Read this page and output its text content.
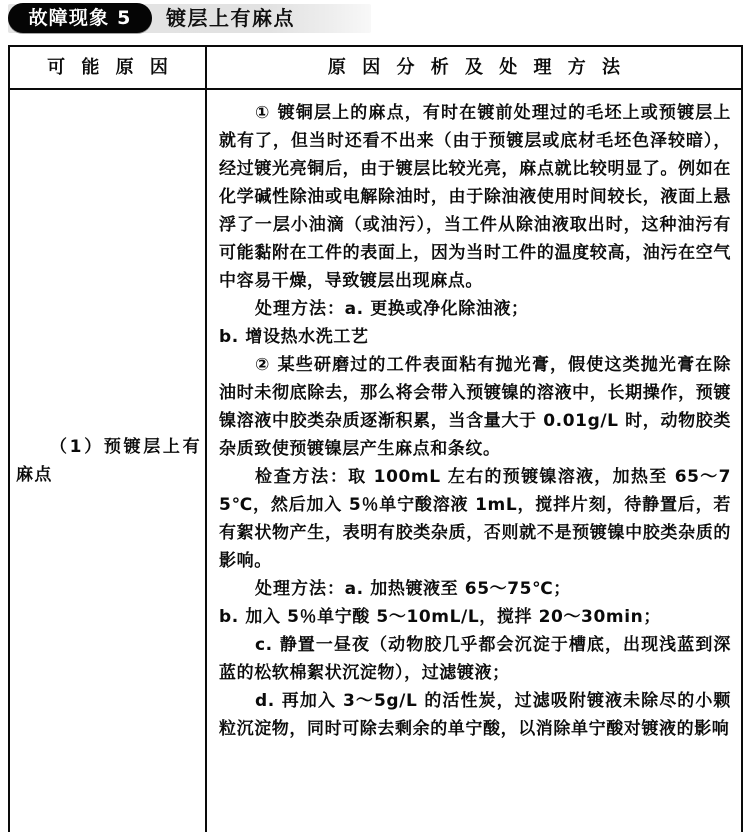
故障现象 5	镀层上有麻点
可 能 原 因	原 因 分 析 及 处 理 方 法
（1）预镀层上有麻点

① 镀铜层上的麻点，有时在镀前处理过的毛坯上或预镀层上就有了，但当时还看不出来（由于预镀层或底材毛坯色泽较暗），经过镀光亮铜后，由于镀层比较光亮，麻点就比较明显了。例如在化学碱性除油或电解除油时，由于除油液使用时间较长，液面上悬浮了一层小油滴（或油污），当工件从除油液取出时，这种油污有可能黏附在工件的表面上，因为当时工件的温度较高，油污在空气中容易干燥，导致镀层出现麻点。

处理方法：a. 更换或净化除油液；

b. 增设热水洗工艺

② 某些研磨过的工件表面粘有抛光膏，假使这类抛光膏在除油时未彻底除去，那么将会带入预镀镍的溶液中，长期操作，预镀镍溶液中胶类杂质逐渐积累，当含量大于 0.01g/L 时，动物胶类杂质致使预镀镍层产生麻点和条纹。

检查方法：取 100mL 左右的预镀镍溶液，加热至 65～75℃，然后加入 5％单宁酸溶液 1mL，搅拌片刻，待静置后，若有絮状物产生，表明有胶类杂质，否则就不是预镀镍中胶类杂质的影响。

处理方法：a. 加热镀液至 65～75℃；

b. 加入 5％单宁酸 5～10mL/L，搅拌 20～30min；

c. 静置一昼夜（动物胶几乎都会沉淀于槽底，出现浅蓝到深蓝的松软棉絮状沉淀物），过滤镀液；

d. 再加入 3～5g/L 的活性炭，过滤吸附镀液未除尽的小颗粒沉淀物，同时可除去剩余的单宁酸，以消除单宁酸对镀液的影响
